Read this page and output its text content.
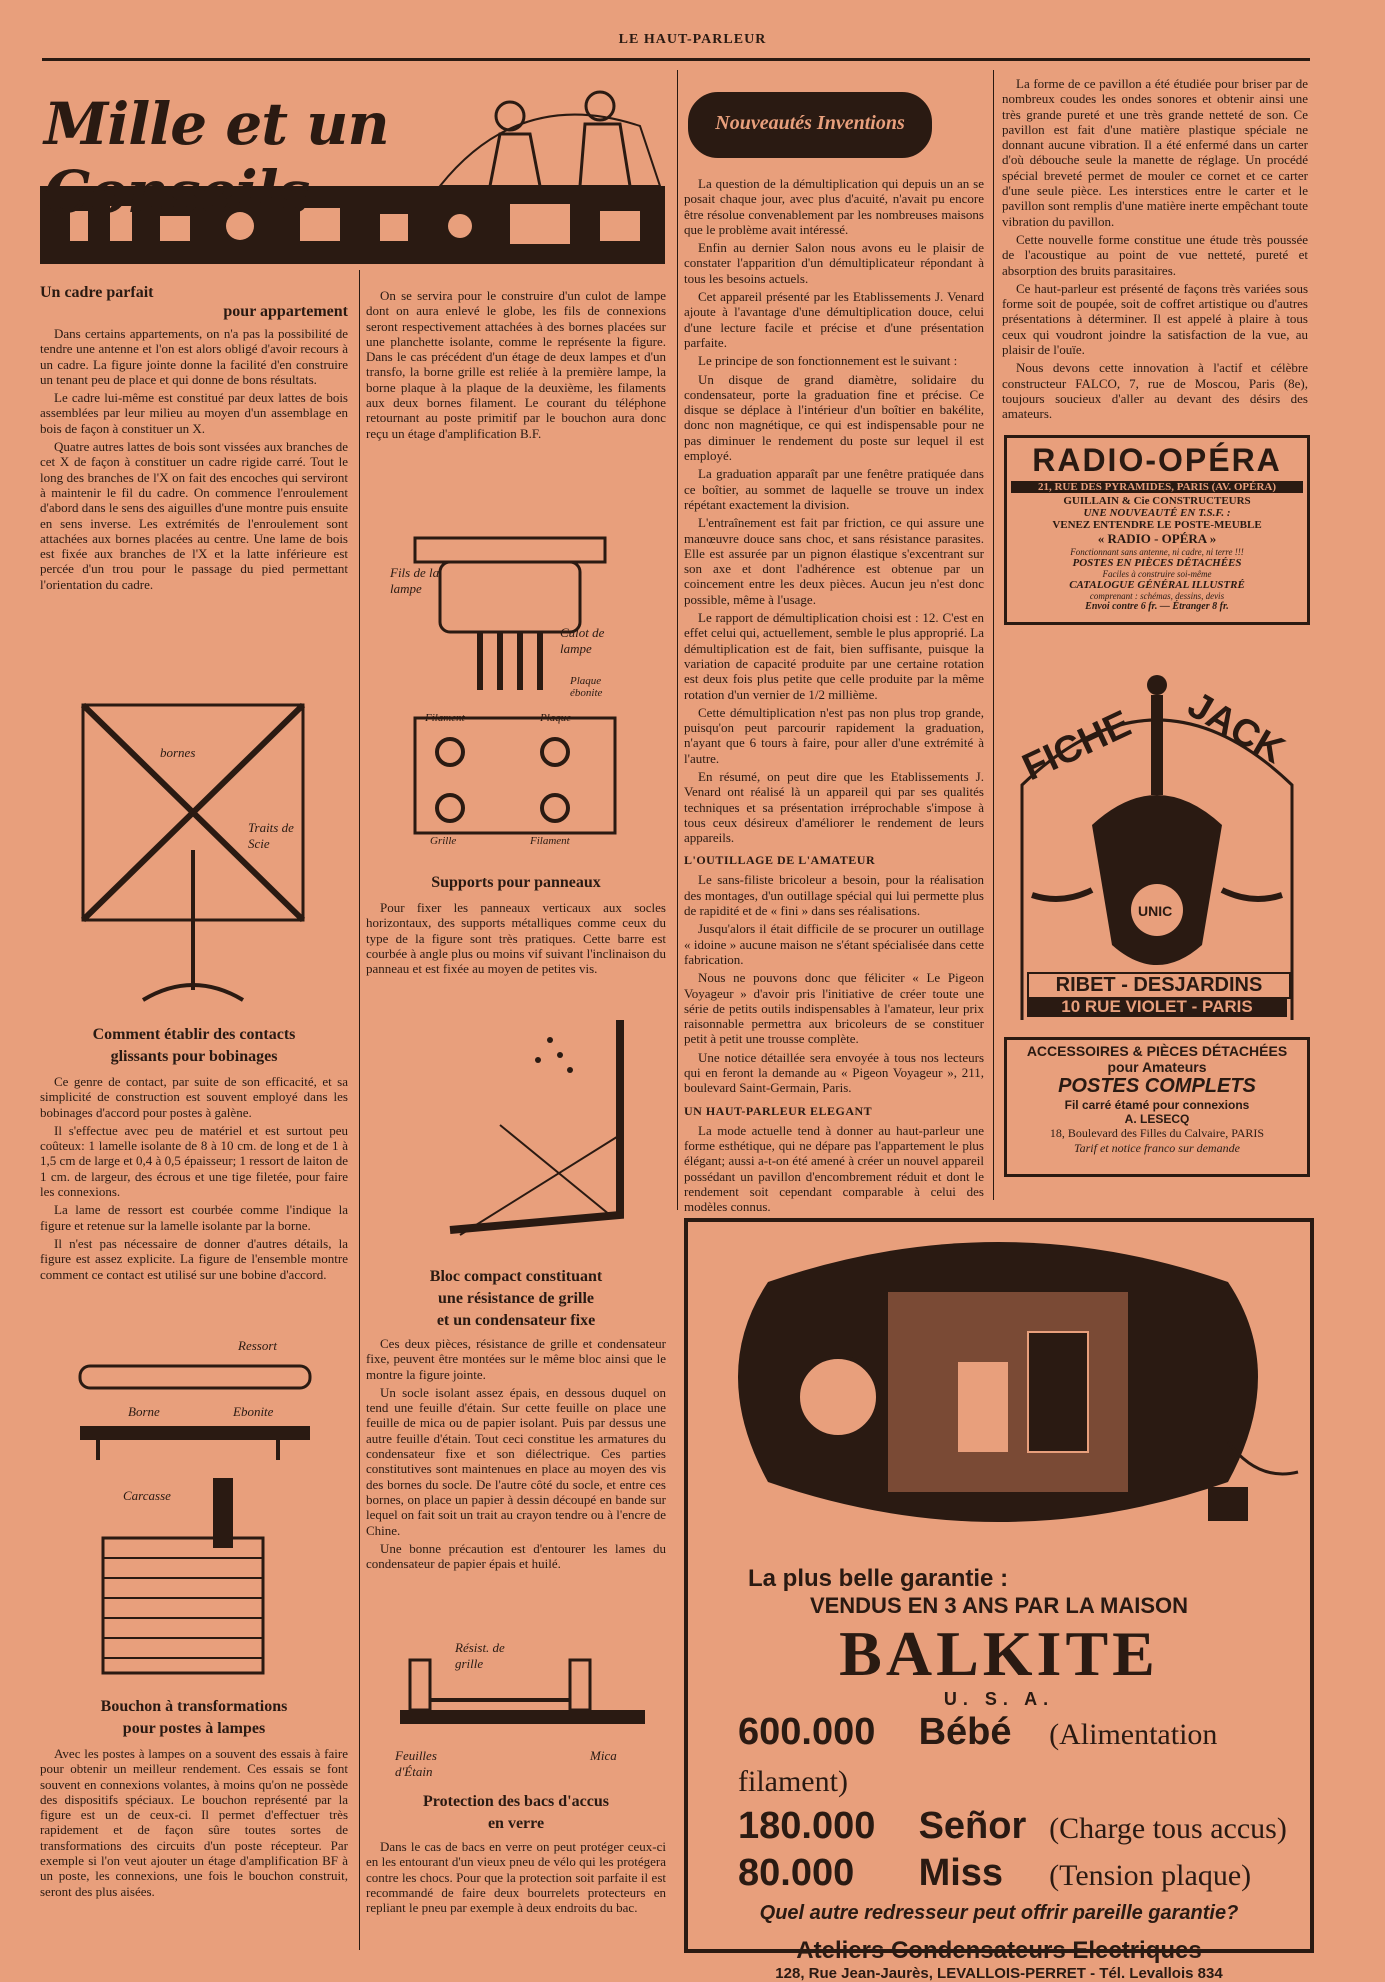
LE HAUT-PARLEUR
Mille et un Conseils
Un cadre parfait
pour appartement

Dans certains appartements, on n'a pas la possibilité de tendre une antenne et l'on est alors obligé d'avoir recours à un cadre. La figure jointe donne la facilité d'en construire un tenant peu de place et qui donne de bons résultats.

Le cadre lui-même est constitué par deux lattes de bois assemblées par leur milieu au moyen d'un assemblage en bois de façon à constituer un X.

Quatre autres lattes de bois sont vissées aux branches de cet X de façon à constituer un cadre rigide carré. Tout le long des branches de l'X on fait des encoches qui serviront à maintenir le fil du cadre. On commence l'enroulement d'abord dans le sens des aiguilles d'une montre puis ensuite en sens inverse. Les extrémités de l'enroulement sont attachées aux bornes placées au centre. Une lame de bois est fixée aux branches de l'X et la latte inférieure est percée d'un trou pour le passage du pied permettant l'orientation du cadre.

bornes
Traits de Scie
Comment établir des contacts
glissants pour bobinages

Ce genre de contact, par suite de son efficacité, et sa simplicité de construction est souvent employé dans les bobinages d'accord pour postes à galène.

Il s'effectue avec peu de matériel et est surtout peu coûteux: 1 lamelle isolante de 8 à 10 cm. de long et de 1 à 1,5 cm de large et 0,4 à 0,5 épaisseur; 1 ressort de laiton de 1 cm. de largeur, des écrous et une tige filetée, pour faire les connexions.

La lame de ressort est courbée comme l'indique la figure et retenue sur la lamelle isolante par la borne.

Il n'est pas nécessaire de donner d'autres détails, la figure est assez explicite. La figure de l'ensemble montre comment ce contact est utilisé sur une bobine d'accord.

Ressort
Borne	Ebonite
Carcasse
Bouchon à transformations
pour postes à lampes

Avec les postes à lampes on a souvent des essais à faire pour obtenir un meilleur rendement. Ces essais se font souvent en connexions volantes, à moins qu'on ne possède des dispositifs spéciaux. Le bouchon représenté par la figure est un de ceux-ci. Il permet d'effectuer très rapidement et de façon sûre toutes sortes de transformations des circuits d'un poste récepteur. Par exemple si l'on veut ajouter un étage d'amplification BF à un poste, les connexions, une fois le bouchon construit, seront des plus aisées.

On se servira pour le construire d'un culot de lampe dont on aura enlevé le globe, les fils de connexions seront respectivement attachées à des bornes placées sur une planchette isolante, comme le représente la figure. Dans le cas précédent d'un étage de deux lampes et d'un transfo, la borne grille est reliée à la première lampe, la borne plaque à la plaque de la deuxième, les filaments aux deux bornes filament. Le courant du téléphone retournant au poste primitif par le bouchon aura donc reçu un étage d'amplification B.F.

Fils de la lampe
Culot de lampe
Plaque ébonite
Filament	Plaque
Grille	Filament
Supports pour panneaux

Pour fixer les panneaux verticaux aux socles horizontaux, des supports métalliques comme ceux du type de la figure sont très pratiques. Cette barre est courbée à angle plus ou moins vif suivant l'inclinaison du panneau et est fixée au moyen de petites vis.

Bloc compact constituant
une résistance de grille
et un condensateur fixe

Ces deux pièces, résistance de grille et condensateur fixe, peuvent être montées sur le même bloc ainsi que le montre la figure jointe.

Un socle isolant assez épais, en dessous duquel on tend une feuille d'étain. Sur cette feuille on place une feuille de mica ou de papier isolant. Puis par dessus une autre feuille d'étain. Tout ceci constitue les armatures du condensateur fixe et son diélectrique. Ces parties constitutives sont maintenues en place au moyen des vis des bornes du socle. De l'autre côté du socle, et entre ces bornes, on place un papier à dessin découpé en bande sur lequel on fait soit un trait au crayon tendre ou à l'encre de Chine.

Une bonne précaution est d'entourer les lames du condensateur de papier épais et huilé.

Résist. de grille
Feuilles d'Étain
Mica
Protection des bacs d'accus
en verre

Dans le cas de bacs en verre on peut protéger ceux-ci en les entourant d'un vieux pneu de vélo qui les protégera contre les chocs. Pour que la protection soit parfaite il est recommandé de faire deux bourrelets protecteurs en repliant le pneu par exemple à deux endroits du bac.

Nouveautés Inventions

La question de la démultiplication qui depuis un an se posait chaque jour, avec plus d'acuité, n'avait pu encore être résolue convenablement par les nombreuses maisons que le problème avait intéressé.

Enfin au dernier Salon nous avons eu le plaisir de constater l'apparition d'un démultiplicateur répondant à tous les besoins actuels.

Cet appareil présenté par les Etablissements J. Venard ajoute à l'avantage d'une démultiplication douce, celui d'une lecture facile et précise et d'une présentation parfaite.

Le principe de son fonctionnement est le suivant :

Un disque de grand diamètre, solidaire du condensateur, porte la graduation fine et précise. Ce disque se déplace à l'intérieur d'un boîtier en bakélite, donc non magnétique, ce qui est indispensable pour ne pas diminuer le rendement du poste sur lequel il est employé.

La graduation apparaît par une fenêtre pratiquée dans ce boîtier, au sommet de laquelle se trouve un index répétant exactement la division.

L'entraînement est fait par friction, ce qui assure une manœuvre douce sans choc, et sans résistance parasites. Elle est assurée par un pignon élastique s'excentrant sur son axe et dont l'adhérence est obtenue par un coincement entre les deux pièces. Aucun jeu n'est donc possible, même à l'usage.

Le rapport de démultiplication choisi est : 12. C'est en effet celui qui, actuellement, semble le plus approprié. La démultiplication est de fait, bien suffisante, puisque la variation de capacité produite par une certaine rotation est deux fois plus petite que celle produite par la même rotation d'un vernier de 1/2 millième.

Cette démultiplication n'est pas non plus trop grande, puisqu'on peut parcourir rapidement la graduation, n'ayant que 6 tours à faire, pour aller d'une extrémité à l'autre.

En résumé, on peut dire que les Etablissements J. Venard ont réalisé là un appareil qui par ses qualités techniques et sa présentation irréprochable s'impose à tous ceux désireux d'améliorer le rendement de leurs appareils.

L'OUTILLAGE DE L'AMATEUR

Le sans-filiste bricoleur a besoin, pour la réalisation des montages, d'un outillage spécial qui lui permette plus de rapidité et de « fini » dans ses réalisations.

Jusqu'alors il était difficile de se procurer un outillage « idoine » aucune maison ne s'étant spécialisée dans cette fabrication.

Nous ne pouvons donc que féliciter « Le Pigeon Voyageur » d'avoir pris l'initiative de créer toute une série de petits outils indispensables à l'amateur, leur prix raisonnable permettra aux bricoleurs de se constituer petit à petit une trousse complète.

Une notice détaillée sera envoyée à tous nos lecteurs qui en feront la demande au « Pigeon Voyageur », 211, boulevard Saint-Germain, Paris.

UN HAUT-PARLEUR ELEGANT

La mode actuelle tend à donner au haut-parleur une forme esthétique, qui ne dépare pas l'appartement le plus élégant; aussi a-t-on été amené à créer un nouvel appareil possédant un pavillon d'encombrement réduit et dont le rendement soit cependant comparable à celui des modèles connus.

La forme de ce pavillon a été étudiée pour briser par de nombreux coudes les ondes sonores et obtenir ainsi une très grande pureté et une très grande netteté de son. Ce pavillon est fait d'une matière plastique spéciale ne donnant aucune vibration. Il a été enfermé dans un carter d'où débouche seule la manette de réglage. Un procédé spécial breveté permet de mouler ce cornet et ce carter d'une seule pièce. Les interstices entre le carter et le pavillon sont remplis d'une matière inerte empêchant toute vibration du pavillon.

Cette nouvelle forme constitue une étude très poussée de l'acoustique au point de vue netteté, pureté et absorption des bruits parasitaires.

Ce haut-parleur est présenté de façons très variées sous forme soit de poupée, soit de coffret artistique ou d'autres présentations à déterminer. Il est appelé à plaire à tous ceux qui voudront joindre la satisfaction de la vue, au plaisir de l'ouïe.

Nous devons cette innovation à l'actif et célèbre constructeur FALCO, 7, rue de Moscou, Paris (8e), toujours soucieux d'aller au devant des désirs des amateurs.

RADIO-OPÉRA
21, RUE DES PYRAMIDES, PARIS (AV. OPÉRA)
GUILLAIN & Cie CONSTRUCTEURS
UNE NOUVEAUTÉ EN T.S.F. :
VENEZ ENTENDRE LE POSTE-MEUBLE
« RADIO - OPÉRA »
Fonctionnant sans antenne, ni cadre, ni terre !!!
POSTES EN PIÈCES DÉTACHÉES
Faciles à construire soi-même
CATALOGUE GÉNÉRAL ILLUSTRÉ
comprenant : schémas, dessins, devis
Envoi contre 6 fr. — Étranger 8 fr.
FICHE JACK
UNIC
RIBET - DESJARDINS
10 RUE VIOLET - PARIS
ACCESSOIRES & PIÈCES DÉTACHÉES
pour Amateurs
POSTES COMPLETS
Fil carré étamé pour connexions
A. LESECQ
18, Boulevard des Filles du Calvaire, PARIS
Tarif et notice franco sur demande
La plus belle garantie :
VENDUS EN 3 ANS PAR LA MAISON
BALKITE
U. S. A.
600.000 Bébé (Alimentation filament)
180.000 Señor (Charge tous accus)
80.000 Miss (Tension plaque)
Quel autre redresseur peut offrir pareille garantie?
Ateliers Condensateurs Electriques
128, Rue Jean-Jaurès, LEVALLOIS-PERRET - Tél. Levallois 834
